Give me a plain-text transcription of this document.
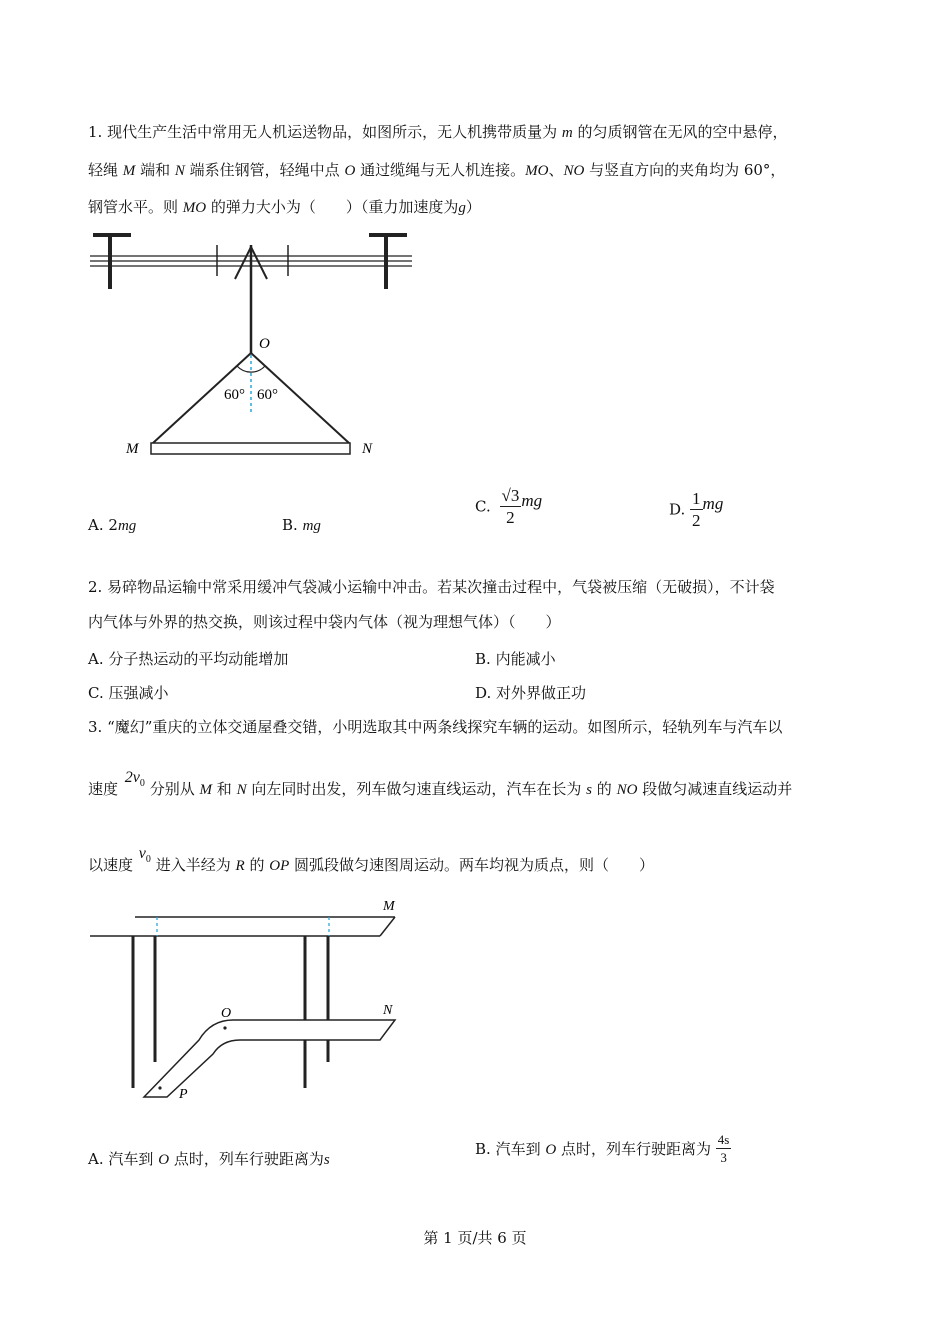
1. 现代生产生活中常用无人机运送物品，如图所示，无人机携带质量为 m 的匀质钢管在无风的空中悬停，
轻绳 M 端和 N 端系住钢管，轻绳中点 O 通过缆绳与无人机连接。MO、NO 与竖直方向的夹角均为 60°，
钢管水平。则 MO 的弹力大小为（　　）（重力加速度为g）
O
60° 60°
M	N
A. 2mg	B. mg
C. $\frac{√3}{2}$ mg	D. $\frac{1}{2}$ mg
2. 易碎物品运输中常采用缓冲气袋减小运输中冲击。若某次撞击过程中，气袋被压缩（无破损），不计袋
内气体与外界的热交换，则该过程中袋内气体（视为理想气体）（　　）
A. 分子热运动的平均动能增加	B. 内能减小
C. 压强减小	D. 对外界做正功
3. “魔幻”重庆的立体交通屋叠交错，小明选取其中两条线探究车辆的运动。如图所示，轻轨列车与汽车以
速度 $2v_0$ 分别从 M 和 N 向左同时出发，列车做匀速直线运动，汽车在长为 s 的 NO 段做匀减速直线运动并
以速度 $v_0$ 进入半经为 R 的 OP 圆弧段做匀速图周运动。两车均视为质点，则（　　）
M
N
O
P
A. 汽车到 O 点时，列车行驶距离为s
B. 汽车到 O 点时，列车行驶距离为 $\frac{4s}{3}$
第 1 页/共 6 页
